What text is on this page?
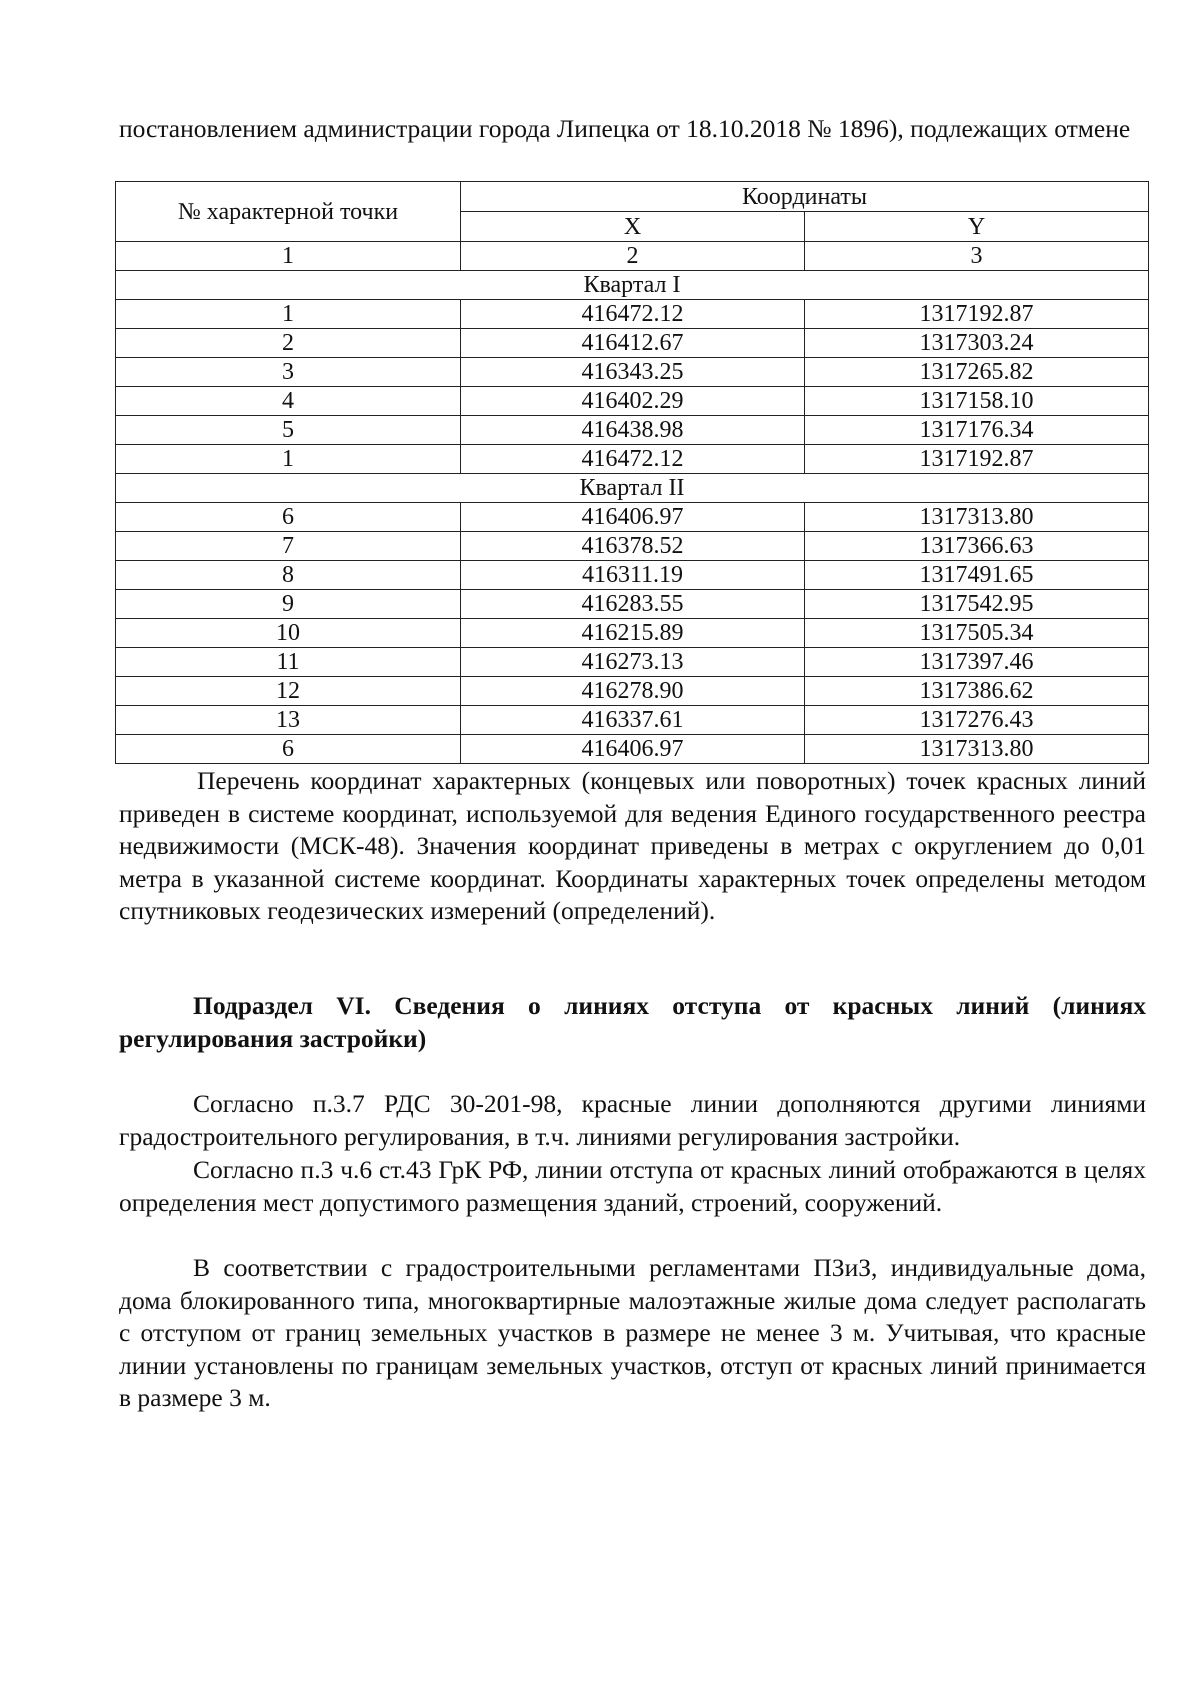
постановлением администрации города Липецка от 18.10.2018 № 1896), подлежащих отмене

№ характерной точки	Координаты	
	X	Y
1	2	3
Квартал I		
1	416472.12	1317192.87
2	416412.67	1317303.24
3	416343.25	1317265.82
4	416402.29	1317158.10
5	416438.98	1317176.34
1	416472.12	1317192.87
Квартал II		
6	416406.97	1317313.80
7	416378.52	1317366.63
8	416311.19	1317491.65
9	416283.55	1317542.95
10	416215.89	1317505.34
11	416273.13	1317397.46
12	416278.90	1317386.62
13	416337.61	1317276.43
6	416406.97	1317313.80

Перечень координат характерных (концевых или поворотных) точек красных линий приведен в системе координат, используемой для ведения Единого государственного реестра недвижимости (МСК-48). Значения координат приведены в метрах с округлением до 0,01 метра в указанной системе координат. Координаты характерных точек определены методом спутниковых геодезических измерений (определений).

Подраздел VI. Сведения о линиях отступа от красных линий (линиях регулирования застройки)

Согласно п.3.7 РДС 30-201-98, красные линии дополняются другими линиями градостроительного регулирования, в т.ч. линиями регулирования застройки.

Согласно п.3 ч.6 ст.43 ГрК РФ, линии отступа от красных линий отображаются в целях определения мест допустимого размещения зданий, строений, сооружений.

В соответствии с градостроительными регламентами ПЗиЗ, индивидуальные дома, дома блокированного типа, многоквартирные малоэтажные жилые дома следует располагать с отступом от границ земельных участков в размере не менее 3 м. Учитывая, что красные линии установлены по границам земельных участков, отступ от красных линий принимается в размере 3 м.
